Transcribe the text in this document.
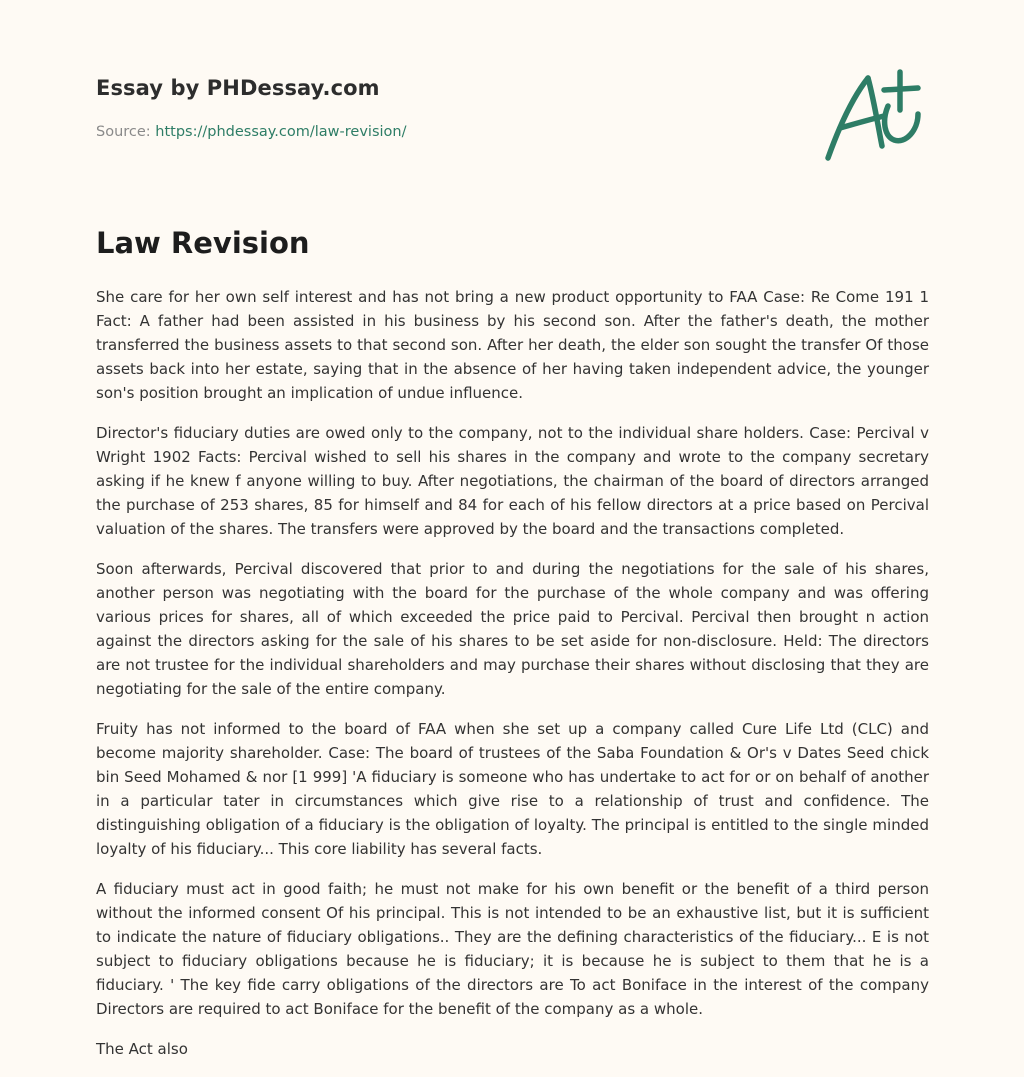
Essay by PHDessay.com
Source: https://phdessay.com/law-revision/
Law Revision

She care for her own self interest and has not bring a new product opportunity to FAA Case: Re Come 191 1 Fact: A father had been assisted in his business by his second son. After the father's death, the mother transferred the business assets to that second son. After her death, the elder son sought the transfer Of those assets back into her estate, saying that in the absence of her having taken independent advice, the younger son's position brought an implication of undue influence.

Director's fiduciary duties are owed only to the company, not to the individual share holders. Case: Percival v Wright 1902 Facts: Percival wished to sell his shares in the company and wrote to the company secretary asking if he knew f anyone willing to buy. After negotiations, the chairman of the board of directors arranged the purchase of 253 shares, 85 for himself and 84 for each of his fellow directors at a price based on Percival valuation of the shares. The transfers were approved by the board and the transactions completed.

Soon afterwards, Percival discovered that prior to and during the negotiations for the sale of his shares, another person was negotiating with the board for the purchase of the whole company and was offering various prices for shares, all of which exceeded the price paid to Percival. Percival then brought n action against the directors asking for the sale of his shares to be set aside for non-disclosure. Held: The directors are not trustee for the individual shareholders and may purchase their shares without disclosing that they are negotiating for the sale of the entire company.

Fruity has not informed to the board of FAA when she set up a company called Cure Life Ltd (CLC) and become majority shareholder. Case: The board of trustees of the Saba Foundation & Or's v Dates Seed chick bin Seed Mohamed & nor [1 999] 'A fiduciary is someone who has undertake to act for or on behalf of another in a particular tater in circumstances which give rise to a relationship of trust and confidence. The distinguishing obligation of a fiduciary is the obligation of loyalty. The principal is entitled to the single minded loyalty of his fiduciary... This core liability has several facts.

A fiduciary must act in good faith; he must not make for his own benefit or the benefit of a third person without the informed consent Of his principal. This is not intended to be an exhaustive list, but it is sufficient to indicate the nature of fiduciary obligations.. They are the defining characteristics of the fiduciary... E is not subject to fiduciary obligations because he is fiduciary; it is because he is subject to them that he is a fiduciary. ' The key fide carry obligations of the directors are To act Boniface in the interest of the company Directors are required to act Boniface for the benefit of the company as a whole.

The Act also
